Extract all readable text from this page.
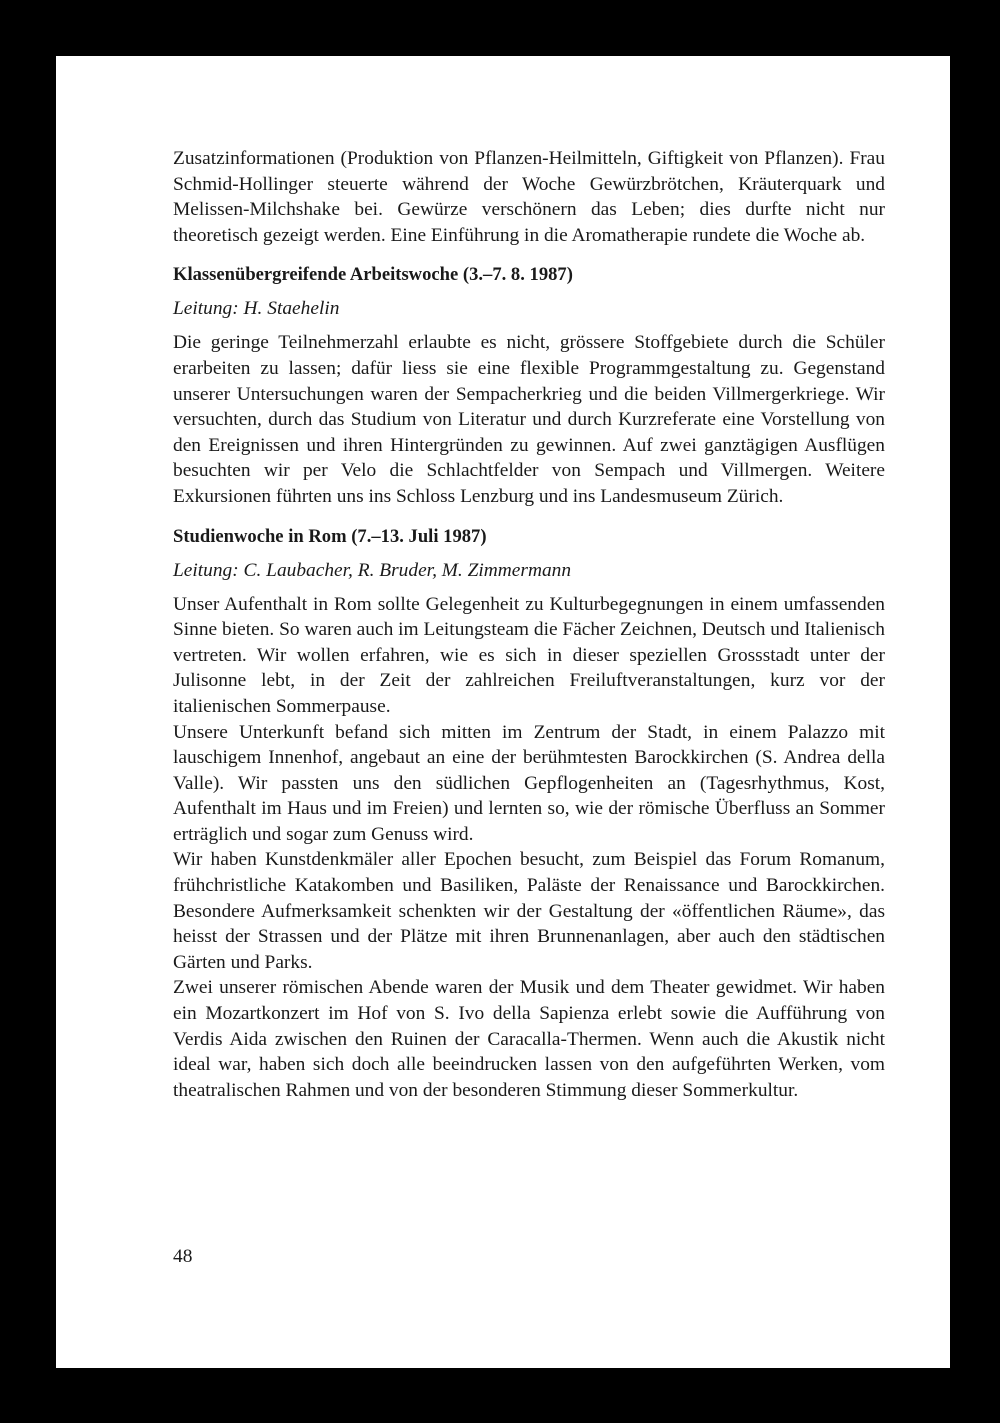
Zusatzinformationen (Produktion von Pflanzen-Heilmitteln, Giftigkeit von Pflanzen). Frau Schmid-Hollinger steuerte während der Woche Gewürzbrötchen, Kräuterquark und Melissen-Milchshake bei. Gewürze verschönern das Leben; dies durfte nicht nur theoretisch gezeigt werden. Eine Einführung in die Aromatherapie rundete die Woche ab.

Klassenübergreifende Arbeitswoche (3.–7. 8. 1987)

Leitung: H. Staehelin

Die geringe Teilnehmerzahl erlaubte es nicht, grössere Stoffgebiete durch die Schüler erarbeiten zu lassen; dafür liess sie eine flexible Programmgestaltung zu. Gegenstand unserer Untersuchungen waren der Sempacherkrieg und die beiden Villmergerkriege. Wir versuchten, durch das Studium von Literatur und durch Kurzreferate eine Vorstellung von den Ereignissen und ihren Hintergründen zu gewinnen. Auf zwei ganztägigen Ausflügen besuchten wir per Velo die Schlachtfelder von Sempach und Villmergen. Weitere Exkursionen führten uns ins Schloss Lenzburg und ins Landesmuseum Zürich.

Studienwoche in Rom (7.–13. Juli 1987)

Leitung: C. Laubacher, R. Bruder, M. Zimmermann

Unser Aufenthalt in Rom sollte Gelegenheit zu Kulturbegegnungen in einem umfassenden Sinne bieten. So waren auch im Leitungsteam die Fächer Zeichnen, Deutsch und Italienisch vertreten. Wir wollen erfahren, wie es sich in dieser speziellen Grossstadt unter der Julisonne lebt, in der Zeit der zahlreichen Freiluftveranstaltungen, kurz vor der italienischen Sommerpause.

Unsere Unterkunft befand sich mitten im Zentrum der Stadt, in einem Palazzo mit lauschigem Innenhof, angebaut an eine der berühmtesten Barockkirchen (S. Andrea della Valle). Wir passten uns den südlichen Gepflogenheiten an (Tagesrhythmus, Kost, Aufenthalt im Haus und im Freien) und lernten so, wie der römische Überfluss an Sommer erträglich und sogar zum Genuss wird.

Wir haben Kunstdenkmäler aller Epochen besucht, zum Beispiel das Forum Romanum, frühchristliche Katakomben und Basiliken, Paläste der Renaissance und Barockkirchen. Besondere Aufmerksamkeit schenkten wir der Gestaltung der «öffentlichen Räume», das heisst der Strassen und der Plätze mit ihren Brunnenanlagen, aber auch den städtischen Gärten und Parks.

Zwei unserer römischen Abende waren der Musik und dem Theater gewidmet. Wir haben ein Mozartkonzert im Hof von S. Ivo della Sapienza erlebt sowie die Aufführung von Verdis Aida zwischen den Ruinen der Caracalla-Thermen. Wenn auch die Akustik nicht ideal war, haben sich doch alle beeindrucken lassen von den aufgeführten Werken, vom theatralischen Rahmen und von der besonderen Stimmung dieser Sommerkultur.

48
